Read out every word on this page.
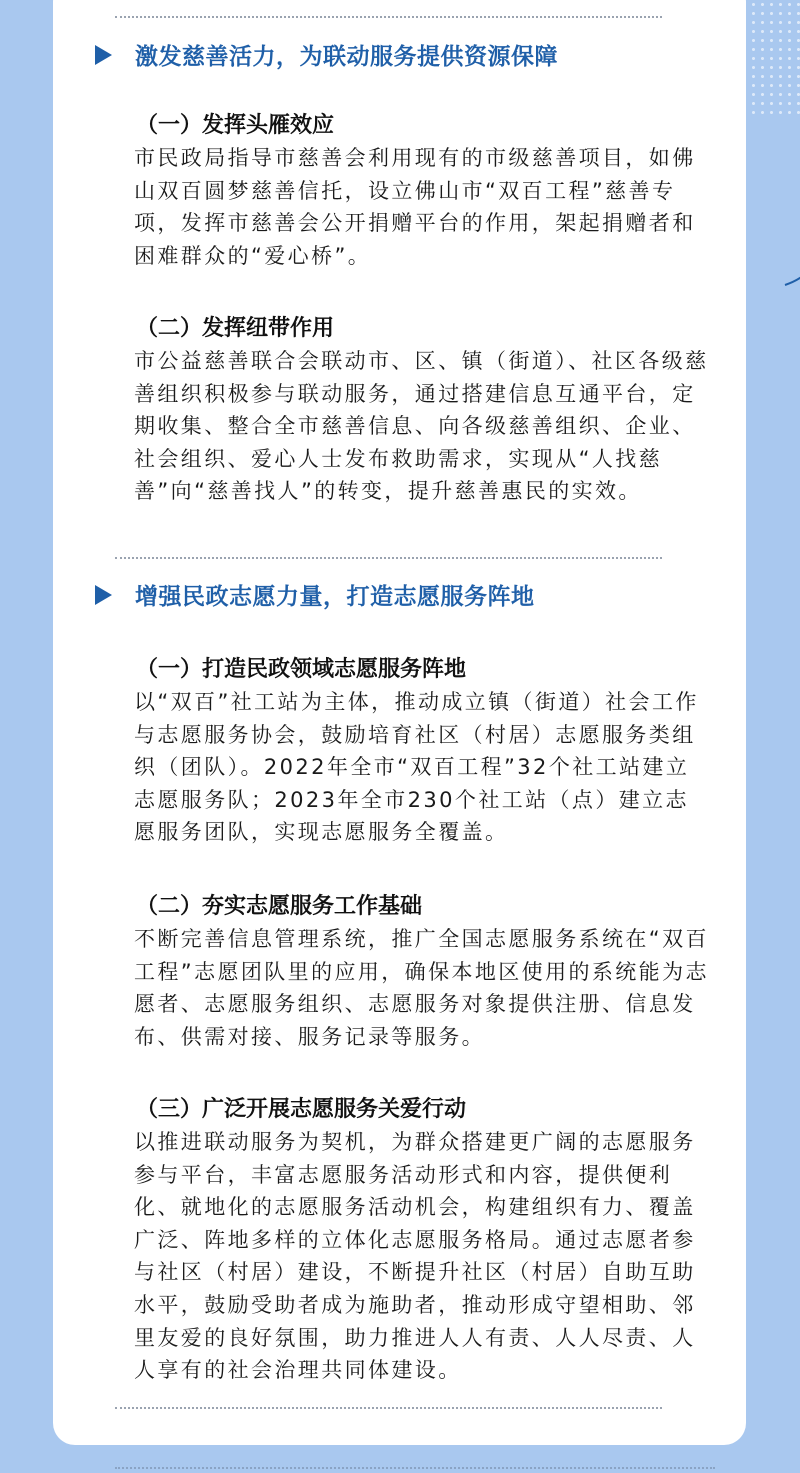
激发慈善活力，为联动服务提供资源保障
（一）发挥头雁效应
市民政局指导市慈善会利用现有的市级慈善项目，如佛山双百圆梦慈善信托，设立佛山市“双百工程”慈善专项，发挥市慈善会公开捐赠平台的作用，架起捐赠者和困难群众的“爱心桥”。
（二）发挥纽带作用
市公益慈善联合会联动市、区、镇（街道）、社区各级慈善组织积极参与联动服务，通过搭建信息互通平台，定期收集、整合全市慈善信息、向各级慈善组织、企业、社会组织、爱心人士发布救助需求，实现从“人找慈善”向“慈善找人”的转变，提升慈善惠民的实效。
增强民政志愿力量，打造志愿服务阵地
（一）打造民政领域志愿服务阵地
以“双百”社工站为主体，推动成立镇（街道）社会工作与志愿服务协会，鼓励培育社区（村居）志愿服务类组织（团队）。2022年全市“双百工程”32个社工站建立志愿服务队；2023年全市230个社工站（点）建立志愿服务团队，实现志愿服务全覆盖。
（二）夯实志愿服务工作基础
不断完善信息管理系统，推广全国志愿服务系统在“双百工程”志愿团队里的应用，确保本地区使用的系统能为志愿者、志愿服务组织、志愿服务对象提供注册、信息发布、供需对接、服务记录等服务。
（三）广泛开展志愿服务关爱行动
以推进联动服务为契机，为群众搭建更广阔的志愿服务参与平台，丰富志愿服务活动形式和内容，提供便利化、就地化的志愿服务活动机会，构建组织有力、覆盖广泛、阵地多样的立体化志愿服务格局。通过志愿者参与社区（村居）建设，不断提升社区（村居）自助互助水平，鼓励受助者成为施助者，推动形成守望相助、邻里友爱的良好氛围，助力推进人人有责、人人尽责、人人享有的社会治理共同体建设。
